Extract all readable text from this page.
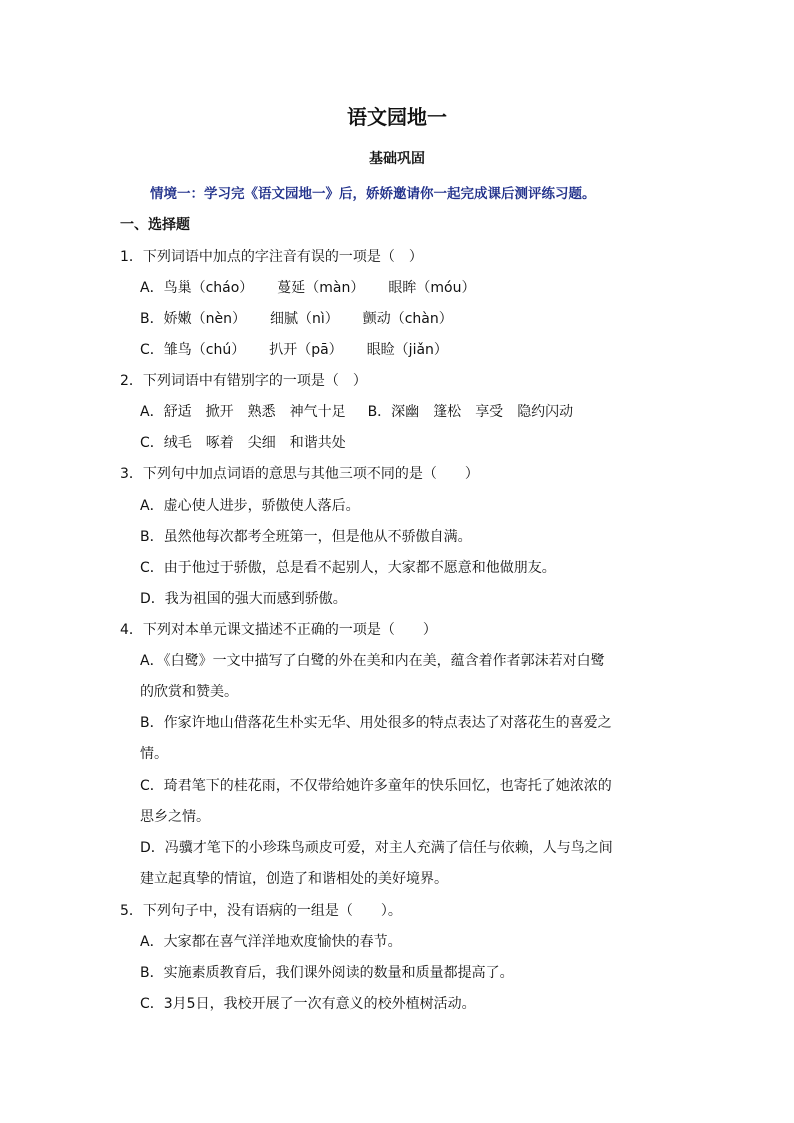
语文园地一
基础巩固

情境一：学习完《语文园地一》后，娇娇邀请你一起完成课后测评练习题。

一、选择题

1．下列词语中加点的字注音有误的一项是（　）

A．鸟巢（cháo） 蔓延（màn） 眼眸（móu）

B．娇嫩（nèn） 细腻（nì） 颤动（chàn）

C．雏鸟（chú） 扒开（pā） 眼睑（jiǎn）

2．下列词语中有错别字的一项是（　）

A．舒适 掀开 熟悉 神气十足 B．深幽 篷松 享受 隐约闪动

C．绒毛 啄着 尖细 和谐共处

3．下列句中加点词语的意思与其他三项不同的是（　　）

A．虚心使人进步，骄傲使人落后。

B．虽然他每次都考全班第一，但是他从不骄傲自满。

C．由于他过于骄傲，总是看不起别人，大家都不愿意和他做朋友。

D．我为祖国的强大而感到骄傲。

4．下列对本单元课文描述不正确的一项是（　　）

A．《白鹭》一文中描写了白鹭的外在美和内在美，蕴含着作者郭沫若对白鹭

的欣赏和赞美。

B．作家许地山借落花生朴实无华、用处很多的特点表达了对落花生的喜爱之

情。

C．琦君笔下的桂花雨，不仅带给她许多童年的快乐回忆，也寄托了她浓浓的

思乡之情。

D．冯骥才笔下的小珍珠鸟顽皮可爱，对主人充满了信任与依赖，人与鸟之间

建立起真挚的情谊，创造了和谐相处的美好境界。

5．下列句子中，没有语病的一组是（　　）。

A．大家都在喜气洋洋地欢度愉快的春节。

B．实施素质教育后，我们课外阅读的数量和质量都提高了。

C．3月5日，我校开展了一次有意义的校外植树活动。
